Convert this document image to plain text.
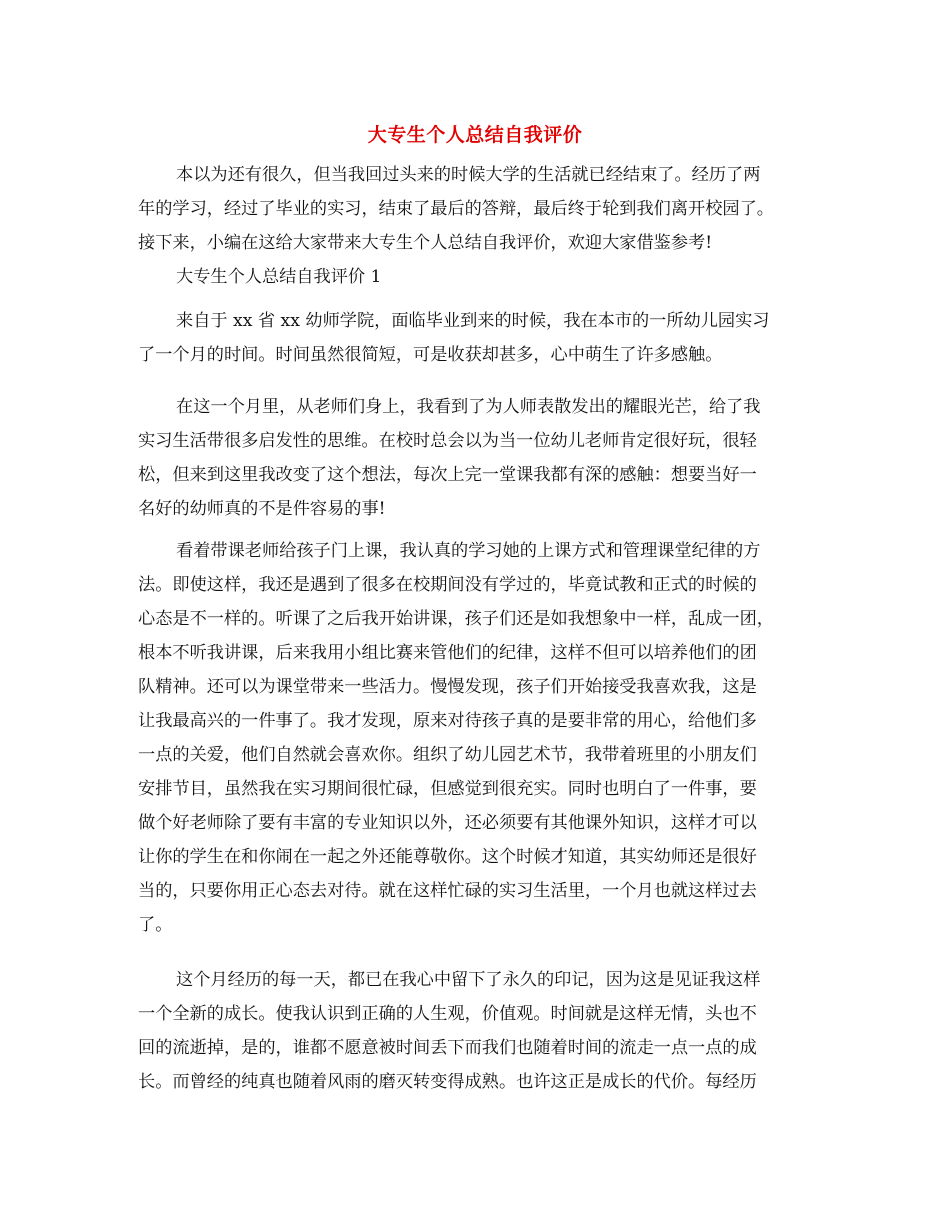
大专生个人总结自我评价
本以为还有很久，但当我回过头来的时候大学的生活就已经结束了。经历了两
年的学习，经过了毕业的实习，结束了最后的答辩，最后终于轮到我们离开校园了。
接下来，小编在这给大家带来大专生个人总结自我评价，欢迎大家借鉴参考!
大专生个人总结自我评价 1
来自于 xx 省 xx 幼师学院，面临毕业到来的时候，我在本市的一所幼儿园实习
了一个月的时间。时间虽然很简短，可是收获却甚多，心中萌生了许多感触。
在这一个月里，从老师们身上，我看到了为人师表散发出的耀眼光芒，给了我
实习生活带很多启发性的思维。在校时总会以为当一位幼儿老师肯定很好玩，很轻
松，但来到这里我改变了这个想法，每次上完一堂课我都有深的感触：想要当好一
名好的幼师真的不是件容易的事!
看着带课老师给孩子门上课，我认真的学习她的上课方式和管理课堂纪律的方
法。即使这样，我还是遇到了很多在校期间没有学过的，毕竟试教和正式的时候的
心态是不一样的。听课了之后我开始讲课，孩子们还是如我想象中一样，乱成一团，
根本不听我讲课，后来我用小组比赛来管他们的纪律，这样不但可以培养他们的团
队精神。还可以为课堂带来一些活力。慢慢发现，孩子们开始接受我喜欢我，这是
让我最高兴的一件事了。我才发现，原来对待孩子真的是要非常的用心，给他们多
一点的关爱，他们自然就会喜欢你。组织了幼儿园艺术节，我带着班里的小朋友们
安排节目，虽然我在实习期间很忙碌，但感觉到很充实。同时也明白了一件事，要
做个好老师除了要有丰富的专业知识以外，还必须要有其他课外知识，这样才可以
让你的学生在和你闹在一起之外还能尊敬你。这个时候才知道，其实幼师还是很好
当的，只要你用正心态去对待。就在这样忙碌的实习生活里，一个月也就这样过去
了。
这个月经历的每一天，都已在我心中留下了永久的印记，因为这是见证我这样
一个全新的成长。使我认识到正确的人生观，价值观。时间就是这样无情，头也不
回的流逝掉，是的，谁都不愿意被时间丢下而我们也随着时间的流走一点一点的成
长。而曾经的纯真也随着风雨的磨灭转变得成熟。也许这正是成长的代价。每经历
